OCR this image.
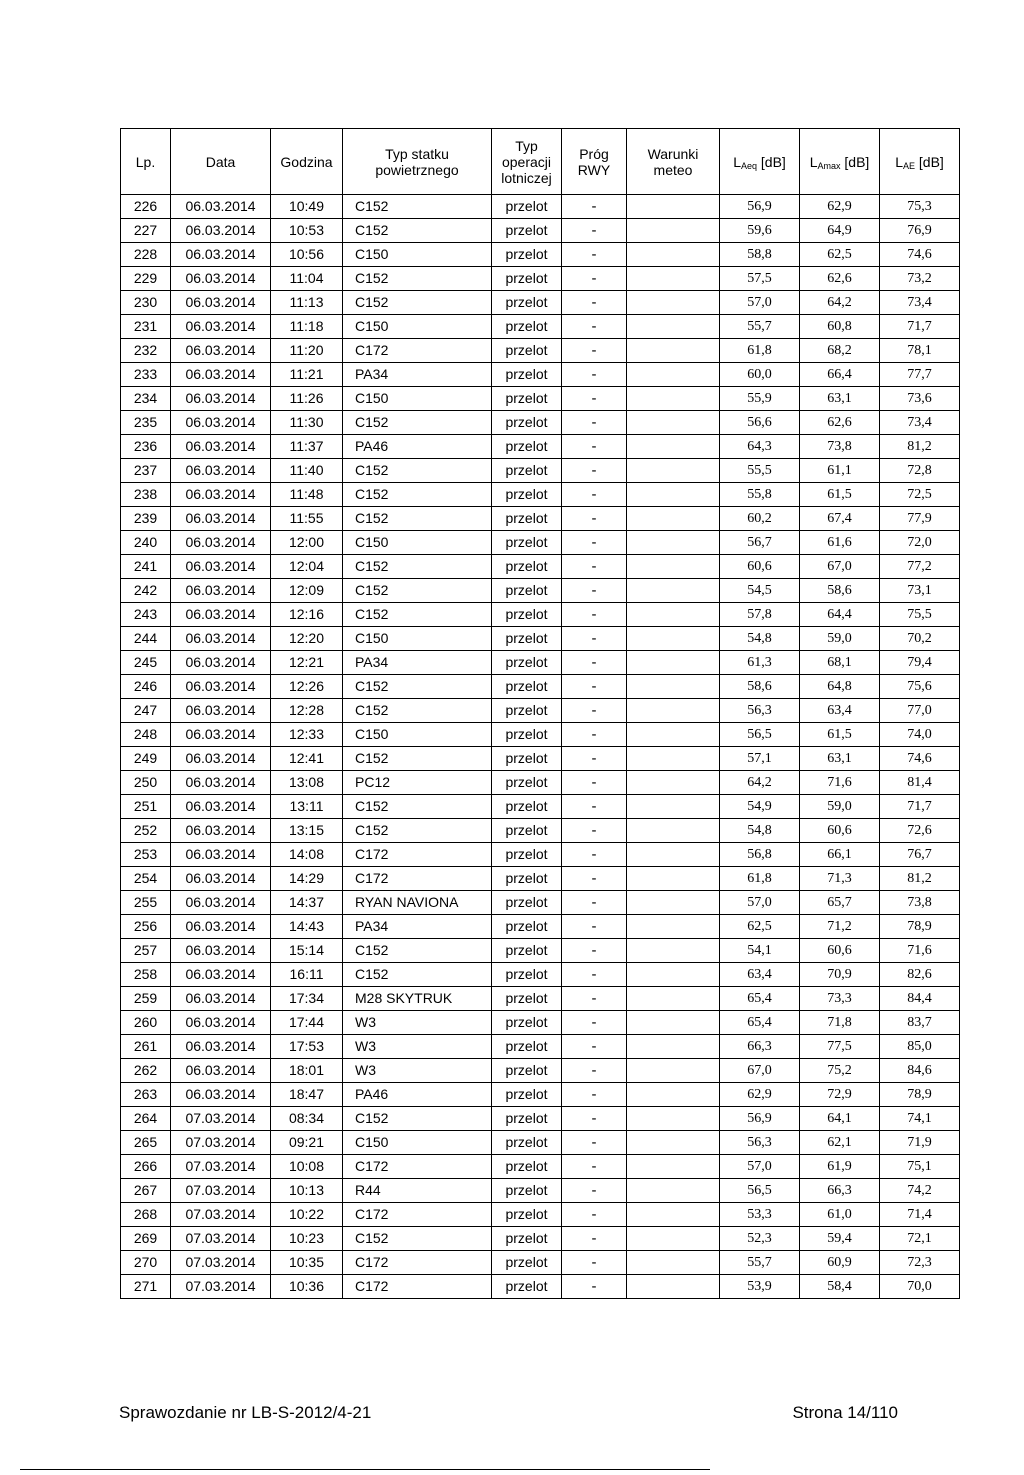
Lp.	Data	Godzina	Typ statku powietrznego	Typ operacji lotniczej	Próg RWY	Warunki meteo	$L_{Aeq}$ [dB]	$L_{Amax}$ [dB]	$L_{AE}$ [dB]
226	06.03.2014	10:49	C152	przelot	-		56,9	62,9	75,3
227	06.03.2014	10:53	C152	przelot	-		59,6	64,9	76,9
228	06.03.2014	10:56	C150	przelot	-		58,8	62,5	74,6
229	06.03.2014	11:04	C152	przelot	-		57,5	62,6	73,2
230	06.03.2014	11:13	C152	przelot	-		57,0	64,2	73,4
231	06.03.2014	11:18	C150	przelot	-		55,7	60,8	71,7
232	06.03.2014	11:20	C172	przelot	-		61,8	68,2	78,1
233	06.03.2014	11:21	PA34	przelot	-		60,0	66,4	77,7
234	06.03.2014	11:26	C150	przelot	-		55,9	63,1	73,6
235	06.03.2014	11:30	C152	przelot	-		56,6	62,6	73,4
236	06.03.2014	11:37	PA46	przelot	-		64,3	73,8	81,2
237	06.03.2014	11:40	C152	przelot	-		55,5	61,1	72,8
238	06.03.2014	11:48	C152	przelot	-		55,8	61,5	72,5
239	06.03.2014	11:55	C152	przelot	-		60,2	67,4	77,9
240	06.03.2014	12:00	C150	przelot	-		56,7	61,6	72,0
241	06.03.2014	12:04	C152	przelot	-		60,6	67,0	77,2
242	06.03.2014	12:09	C152	przelot	-		54,5	58,6	73,1
243	06.03.2014	12:16	C152	przelot	-		57,8	64,4	75,5
244	06.03.2014	12:20	C150	przelot	-		54,8	59,0	70,2
245	06.03.2014	12:21	PA34	przelot	-		61,3	68,1	79,4
246	06.03.2014	12:26	C152	przelot	-		58,6	64,8	75,6
247	06.03.2014	12:28	C152	przelot	-		56,3	63,4	77,0
248	06.03.2014	12:33	C150	przelot	-		56,5	61,5	74,0
249	06.03.2014	12:41	C152	przelot	-		57,1	63,1	74,6
250	06.03.2014	13:08	PC12	przelot	-		64,2	71,6	81,4
251	06.03.2014	13:11	C152	przelot	-		54,9	59,0	71,7
252	06.03.2014	13:15	C152	przelot	-		54,8	60,6	72,6
253	06.03.2014	14:08	C172	przelot	-		56,8	66,1	76,7
254	06.03.2014	14:29	C172	przelot	-		61,8	71,3	81,2
255	06.03.2014	14:37	RYAN NAVIONA	przelot	-		57,0	65,7	73,8
256	06.03.2014	14:43	PA34	przelot	-		62,5	71,2	78,9
257	06.03.2014	15:14	C152	przelot	-		54,1	60,6	71,6
258	06.03.2014	16:11	C152	przelot	-		63,4	70,9	82,6
259	06.03.2014	17:34	M28 SKYTRUK	przelot	-		65,4	73,3	84,4
260	06.03.2014	17:44	W3	przelot	-		65,4	71,8	83,7
261	06.03.2014	17:53	W3	przelot	-		66,3	77,5	85,0
262	06.03.2014	18:01	W3	przelot	-		67,0	75,2	84,6
263	06.03.2014	18:47	PA46	przelot	-		62,9	72,9	78,9
264	07.03.2014	08:34	C152	przelot	-		56,9	64,1	74,1
265	07.03.2014	09:21	C150	przelot	-		56,3	62,1	71,9
266	07.03.2014	10:08	C172	przelot	-		57,0	61,9	75,1
267	07.03.2014	10:13	R44	przelot	-		56,5	66,3	74,2
268	07.03.2014	10:22	C172	przelot	-		53,3	61,0	71,4
269	07.03.2014	10:23	C152	przelot	-		52,3	59,4	72,1
270	07.03.2014	10:35	C172	przelot	-		55,7	60,9	72,3
271	07.03.2014	10:36	C172	przelot	-		53,9	58,4	70,0
Sprawozdanie nr LB-S-2012/4-21	Strona 14/110
